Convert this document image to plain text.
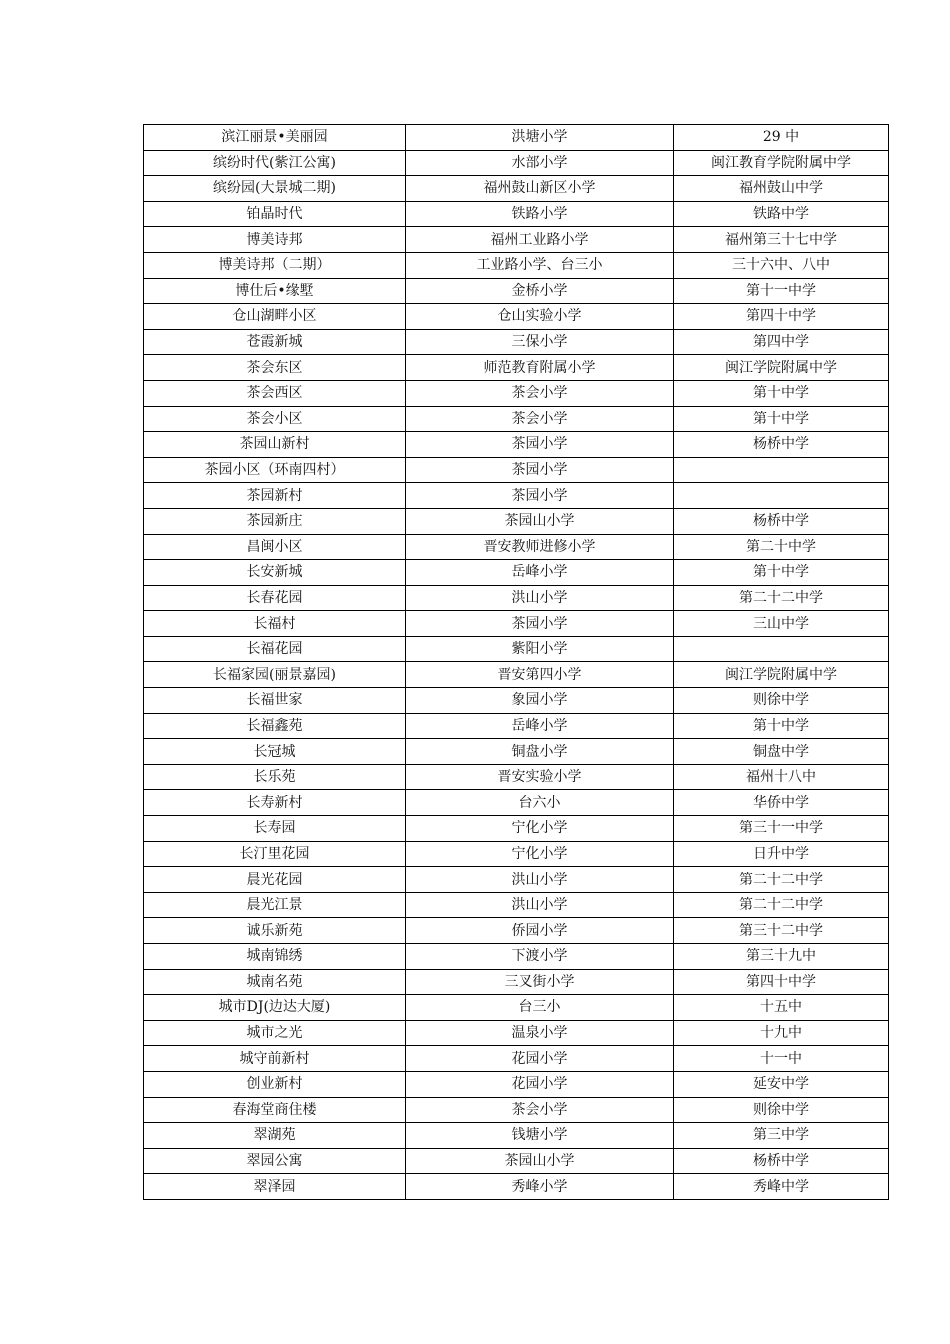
滨江丽景•美丽园	洪塘小学	29 中
缤纷时代(紫江公寓)	水部小学	闽江教育学院附属中学
缤纷园(大景城二期)	福州鼓山新区小学	福州鼓山中学
铂晶时代	铁路小学	铁路中学
博美诗邦	福州工业路小学	福州第三十七中学
博美诗邦（二期）	工业路小学、台三小	三十六中、八中
博仕后•缘墅	金桥小学	第十一中学
仓山湖畔小区	仓山实验小学	第四十中学
苍霞新城	三保小学	第四中学
茶会东区	师范教育附属小学	闽江学院附属中学
茶会西区	茶会小学	第十中学
茶会小区	茶会小学	第十中学
茶园山新村	茶园小学	杨桥中学
茶园小区（环南四村）	茶园小学	
茶园新村	茶园小学	
茶园新庄	茶园山小学	杨桥中学
昌闽小区	晋安教师进修小学	第二十中学
长安新城	岳峰小学	第十中学
长春花园	洪山小学	第二十二中学
长福村	茶园小学	三山中学
长福花园	紫阳小学	
长福家园(丽景嘉园)	晋安第四小学	闽江学院附属中学
长福世家	象园小学	则徐中学
长福鑫苑	岳峰小学	第十中学
长冠城	铜盘小学	铜盘中学
长乐苑	晋安实验小学	福州十八中
长寿新村	台六小	华侨中学
长寿园	宁化小学	第三十一中学
长汀里花园	宁化小学	日升中学
晨光花园	洪山小学	第二十二中学
晨光江景	洪山小学	第二十二中学
诚乐新苑	侨园小学	第三十二中学
城南锦绣	下渡小学	第三十九中
城南名苑	三叉街小学	第四十中学
城市DJ(边达大厦)	台三小	十五中
城市之光	温泉小学	十九中
城守前新村	花园小学	十一中
创业新村	花园小学	延安中学
春海堂商住楼	茶会小学	则徐中学
翠湖苑	钱塘小学	第三中学
翠园公寓	茶园山小学	杨桥中学
翠泽园	秀峰小学	秀峰中学
